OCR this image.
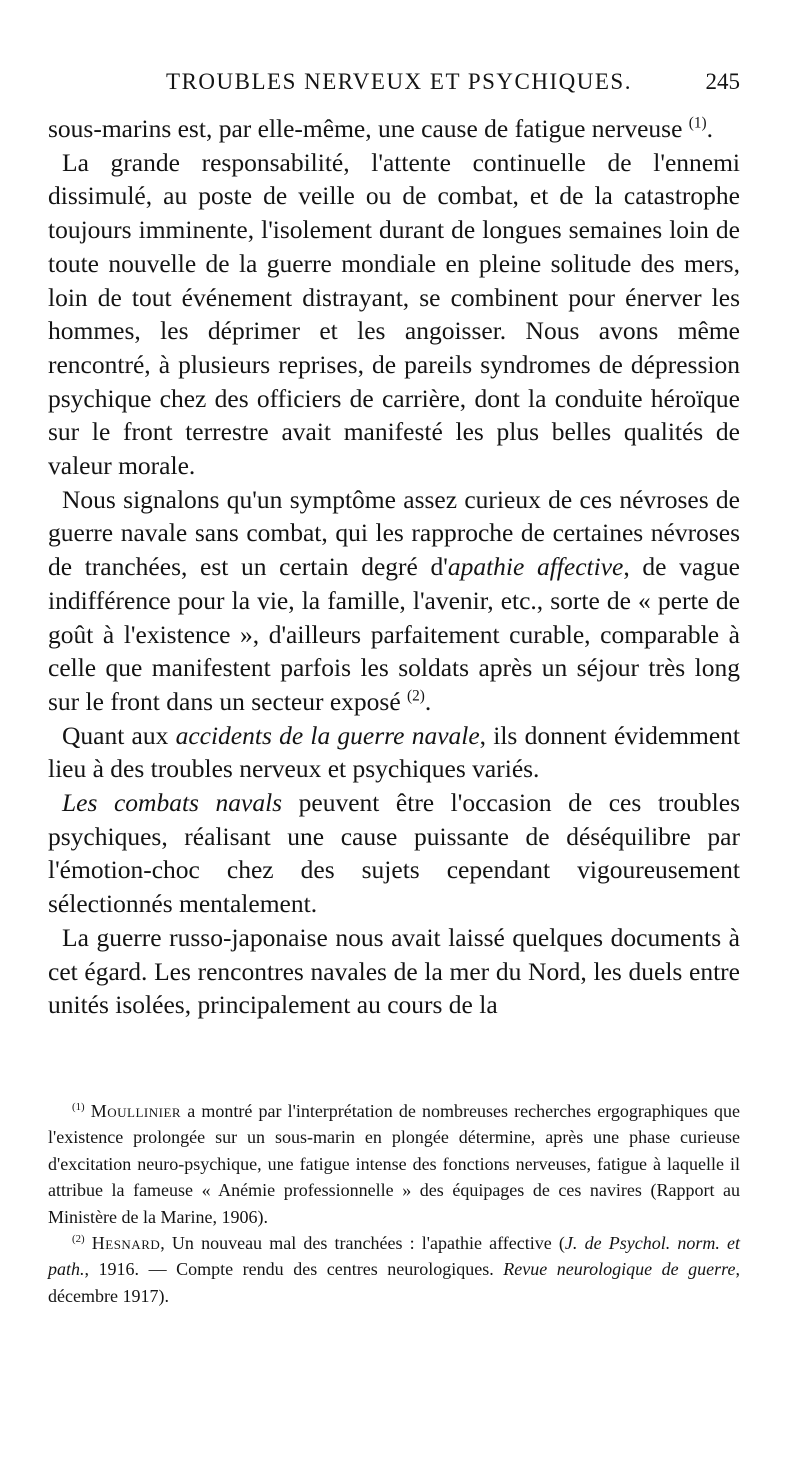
TROUBLES NERVEUX ET PSYCHIQUES.	245

sous-marins est, par elle-même, une cause de fatigue nerveuse $^{(1)}$.

La grande responsabilité, l'attente continuelle de l'ennemi dissimulé, au poste de veille ou de combat, et de la catastrophe toujours imminente, l'isolement durant de longues semaines loin de toute nouvelle de la guerre mondiale en pleine solitude des mers, loin de tout événement distrayant, se combinent pour énerver les hommes, les déprimer et les angoisser. Nous avons même rencontré, à plusieurs reprises, de pareils syndromes de dépression psychique chez des officiers de carrière, dont la conduite héroïque sur le front terrestre avait manifesté les plus belles qualités de valeur morale.

Nous signalons qu'un symptôme assez curieux de ces névroses de guerre navale sans combat, qui les rapproche de certaines névroses de tranchées, est un certain degré d'apathie affective, de vague indifférence pour la vie, la famille, l'avenir, etc., sorte de « perte de goût à l'existence », d'ailleurs parfaitement curable, comparable à celle que manifestent parfois les soldats après un séjour très long sur le front dans un secteur exposé $^{(2)}$.

Quant aux accidents de la guerre navale, ils donnent évidemment lieu à des troubles nerveux et psychiques variés.

Les combats navals peuvent être l'occasion de ces troubles psychiques, réalisant une cause puissante de déséquilibre par l'émotion-choc chez des sujets cependant vigoureusement sélectionnés mentalement.

La guerre russo-japonaise nous avait laissé quelques documents à cet égard. Les rencontres navales de la mer du Nord, les duels entre unités isolées, principalement au cours de la

$^{(1)}$ Moullinier a montré par l'interprétation de nombreuses recherches ergographiques que l'existence prolongée sur un sous-marin en plongée détermine, après une phase curieuse d'excitation neuro-psychique, une fatigue intense des fonctions nerveuses, fatigue à laquelle il attribue la fameuse « Anémie professionnelle » des équipages de ces navires (Rapport au Ministère de la Marine, 1906).

$^{(2)}$ Hesnard, Un nouveau mal des tranchées : l'apathie affective (J. de Psychol. norm. et path., 1916. — Compte rendu des centres neurologiques. Revue neurologique de guerre, décembre 1917).
